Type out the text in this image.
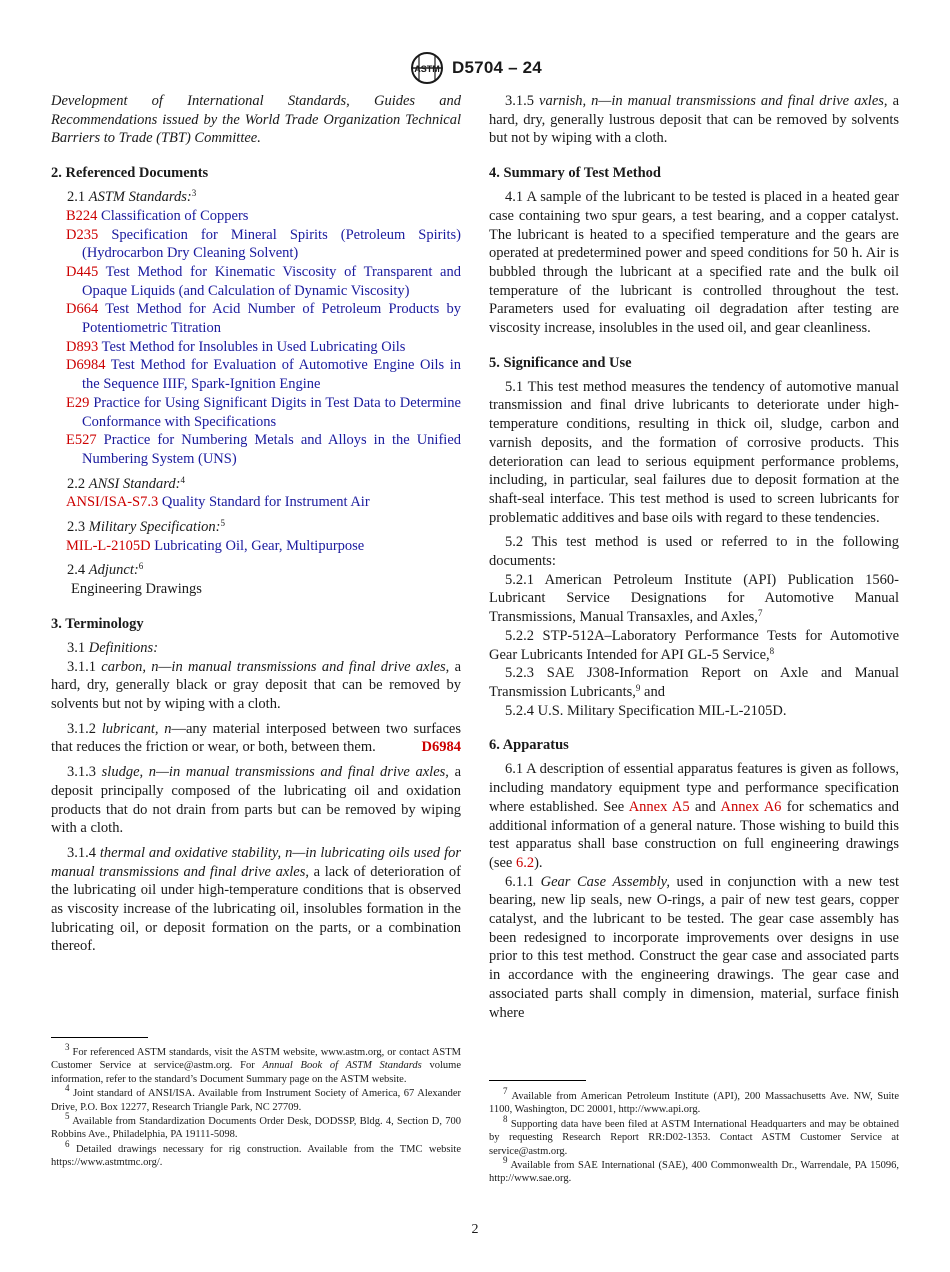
ASTM D5704 – 24

Development of International Standards, Guides and Recommendations issued by the World Trade Organization Technical Barriers to Trade (TBT) Committee.

2. Referenced Documents

2.1 ASTM Standards:$^3$

B224 Classification of Coppers

D235 Specification for Mineral Spirits (Petroleum Spirits) (Hydrocarbon Dry Cleaning Solvent)

D445 Test Method for Kinematic Viscosity of Transparent and Opaque Liquids (and Calculation of Dynamic Viscosity)

D664 Test Method for Acid Number of Petroleum Products by Potentiometric Titration

D893 Test Method for Insolubles in Used Lubricating Oils

D6984 Test Method for Evaluation of Automotive Engine Oils in the Sequence IIIF, Spark-Ignition Engine

E29 Practice for Using Significant Digits in Test Data to Determine Conformance with Specifications

E527 Practice for Numbering Metals and Alloys in the Unified Numbering System (UNS)

2.2 ANSI Standard:$^4$

ANSI/ISA-S7.3 Quality Standard for Instrument Air

2.3 Military Specification:$^5$

MIL-L-2105D Lubricating Oil, Gear, Multipurpose

2.4 Adjunct:$^6$

Engineering Drawings

3. Terminology

3.1 Definitions:

3.1.1 carbon, n—in manual transmissions and final drive axles, a hard, dry, generally black or gray deposit that can be removed by solvents but not by wiping with a cloth.

3.1.2 lubricant, n—any material interposed between two surfaces that reduces the friction or wear, or both, between them.	D6984

3.1.3 sludge, n—in manual transmissions and final drive axles, a deposit principally composed of the lubricating oil and oxidation products that do not drain from parts but can be removed by wiping with a cloth.

3.1.4 thermal and oxidative stability, n—in lubricating oils used for manual transmissions and final drive axles, a lack of deterioration of the lubricating oil under high-temperature conditions that is observed as viscosity increase of the lubricating oil, insolubles formation in the lubricating oil, or deposit formation on the parts, or a combination thereof.

3.1.5 varnish, n—in manual transmissions and final drive axles, a hard, dry, generally lustrous deposit that can be removed by solvents but not by wiping with a cloth.

4. Summary of Test Method

4.1 A sample of the lubricant to be tested is placed in a heated gear case containing two spur gears, a test bearing, and a copper catalyst. The lubricant is heated to a specified temperature and the gears are operated at predetermined power and speed conditions for 50 h. Air is bubbled through the lubricant at a specified rate and the bulk oil temperature of the lubricant is controlled throughout the test. Parameters used for evaluating oil degradation after testing are viscosity increase, insolubles in the used oil, and gear cleanliness.

5. Significance and Use

5.1 This test method measures the tendency of automotive manual transmission and final drive lubricants to deteriorate under high-temperature conditions, resulting in thick oil, sludge, carbon and varnish deposits, and the formation of corrosive products. This deterioration can lead to serious equipment performance problems, including, in particular, seal failures due to deposit formation at the shaft-seal interface. This test method is used to screen lubricants for problematic additives and base oils with regard to these tendencies.

5.2 This test method is used or referred to in the following documents:

5.2.1 American Petroleum Institute (API) Publication 1560-Lubricant Service Designations for Automotive Manual Transmissions, Manual Transaxles, and Axles,$^7$

5.2.2 STP-512A–Laboratory Performance Tests for Automotive Gear Lubricants Intended for API GL-5 Service,$^8$

5.2.3 SAE J308-Information Report on Axle and Manual Transmission Lubricants,$^9$ and

5.2.4 U.S. Military Specification MIL-L-2105D.

6. Apparatus

6.1 A description of essential apparatus features is given as follows, including mandatory equipment type and performance specification where established. See Annex A5 and Annex A6 for schematics and additional information of a general nature. Those wishing to build this test apparatus shall base construction on full engineering drawings (see 6.2).

6.1.1 Gear Case Assembly, used in conjunction with a new test bearing, new lip seals, new O-rings, a pair of new test gears, copper catalyst, and the lubricant to be tested. The gear case assembly has been redesigned to incorporate improvements over designs in use prior to this test method. Construct the gear case and associated parts in accordance with the engineering drawings. The gear case and associated parts shall comply in dimension, material, surface finish where

$^3$ For referenced ASTM standards, visit the ASTM website, www.astm.org, or contact ASTM Customer Service at service@astm.org. For Annual Book of ASTM Standards volume information, refer to the standard’s Document Summary page on the ASTM website.

$^4$ Joint standard of ANSI/ISA. Available from Instrument Society of America, 67 Alexander Drive, P.O. Box 12277, Research Triangle Park, NC 27709.

$^5$ Available from Standardization Documents Order Desk, DODSSP, Bldg. 4, Section D, 700 Robbins Ave., Philadelphia, PA 19111-5098.

$^6$ Detailed drawings necessary for rig construction. Available from the TMC website https://www.astmtmc.org/.

$^7$ Available from American Petroleum Institute (API), 200 Massachusetts Ave. NW, Suite 1100, Washington, DC 20001, http://www.api.org.

$^8$ Supporting data have been filed at ASTM International Headquarters and may be obtained by requesting Research Report RR:D02-1353. Contact ASTM Customer Service at service@astm.org.

$^9$ Available from SAE International (SAE), 400 Commonwealth Dr., Warrendale, PA 15096, http://www.sae.org.

2
